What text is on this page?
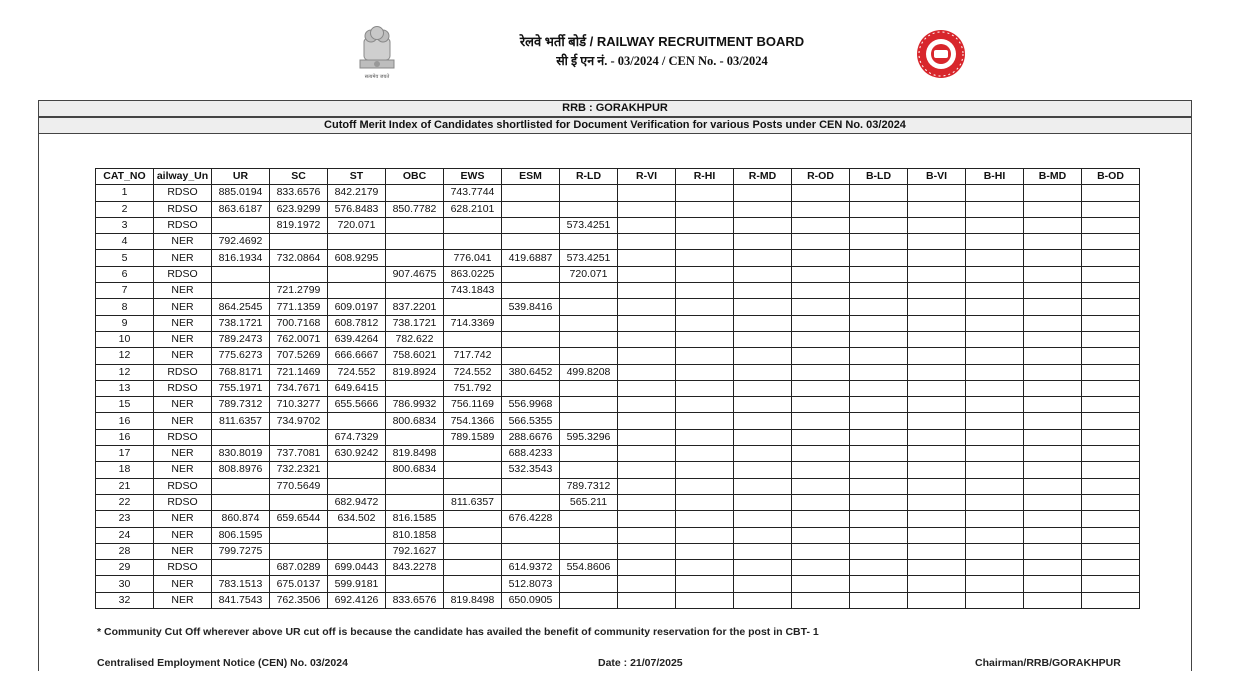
सत्यमेव जयते
रेलवे भर्ती बोर्ड / RAILWAY RECRUITMENT BOARD
सी ई एन नं. - 03/2024 / CEN No. - 03/2024
RRB : GORAKHPUR
Cutoff Merit Index of Candidates shortlisted for Document Verification for various Posts under CEN No. 03/2024
CAT_NO	ailway_Un	UR	SC	ST	OBC	EWS	ESM	R-LD	R-VI	R-HI	R-MD	R-OD	B-LD	B-VI	B-HI	B-MD	B-OD
1	RDSO	885.0194	833.6576	842.2179		743.7744											
2	RDSO	863.6187	623.9299	576.8483	850.7782	628.2101											
3	RDSO		819.1972	720.071				573.4251									
4	NER	792.4692															
5	NER	816.1934	732.0864	608.9295		776.041	419.6887	573.4251									
6	RDSO				907.4675	863.0225		720.071									
7	NER		721.2799			743.1843											
8	NER	864.2545	771.1359	609.0197	837.2201		539.8416										
9	NER	738.1721	700.7168	608.7812	738.1721	714.3369											
10	NER	789.2473	762.0071	639.4264	782.622												
12	NER	775.6273	707.5269	666.6667	758.6021	717.742											
12	RDSO	768.8171	721.1469	724.552	819.8924	724.552	380.6452	499.8208									
13	RDSO	755.1971	734.7671	649.6415		751.792											
15	NER	789.7312	710.3277	655.5666	786.9932	756.1169	556.9968										
16	NER	811.6357	734.9702		800.6834	754.1366	566.5355										
16	RDSO			674.7329		789.1589	288.6676	595.3296									
17	NER	830.8019	737.7081	630.9242	819.8498		688.4233										
18	NER	808.8976	732.2321		800.6834		532.3543										
21	RDSO		770.5649					789.7312									
22	RDSO			682.9472		811.6357		565.211									
23	NER	860.874	659.6544	634.502	816.1585		676.4228										
24	NER	806.1595			810.1858												
28	NER	799.7275			792.1627												
29	RDSO		687.0289	699.0443	843.2278		614.9372	554.8606									
30	NER	783.1513	675.0137	599.9181			512.8073										
32	NER	841.7543	762.3506	692.4126	833.6576	819.8498	650.0905										
* Community Cut Off wherever above UR cut off is because the candidate has availed the benefit of community reservation for the post in CBT- 1
Centralised Employment Notice (CEN) No. 03/2024	Date : 21/07/2025	Chairman/RRB/GORAKHPUR
